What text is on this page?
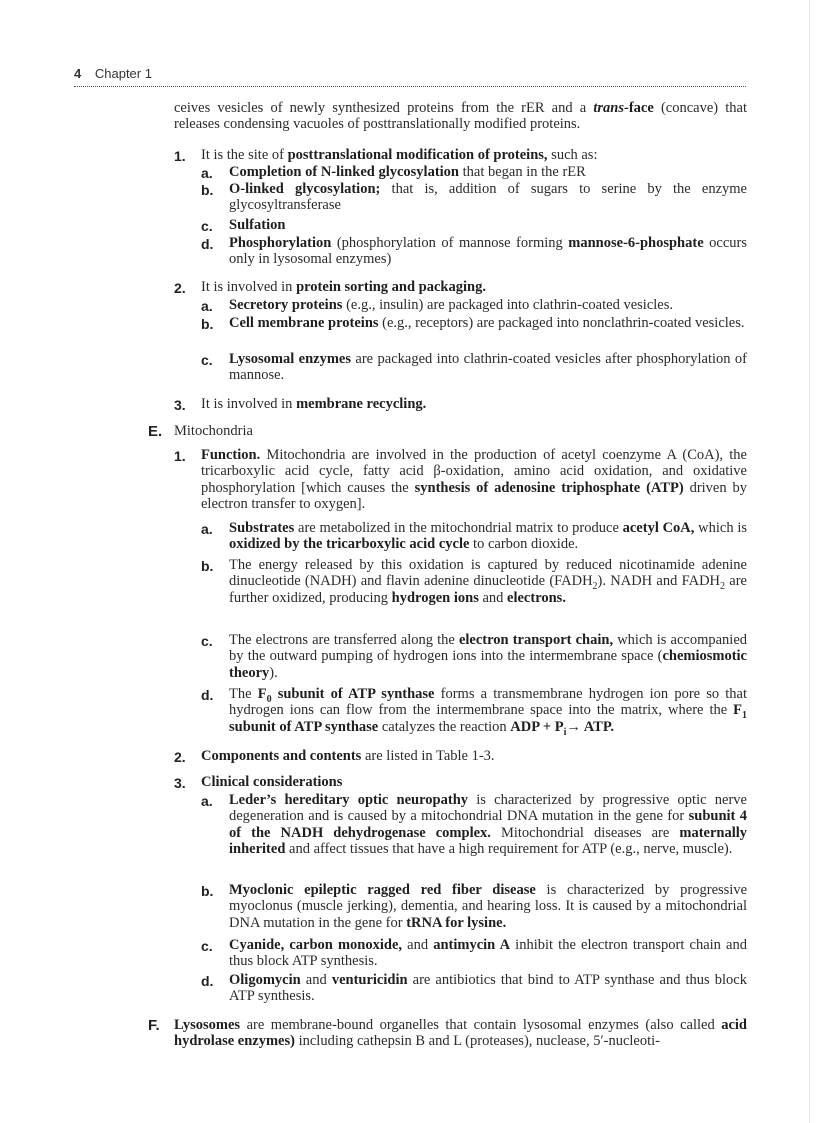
4 Chapter 1

ceives vesicles of newly synthesized proteins from the rER and a trans-face (concave) that releases condensing vacuoles of posttranslationally modified proteins.

1. It is the site of posttranslational modification of proteins, such as:

a. Completion of N-linked glycosylation that began in the rER

b. O-linked glycosylation; that is, addition of sugars to serine by the enzyme glycosyltransferase

c. Sulfation

d. Phosphorylation (phosphorylation of mannose forming mannose-6-phosphate occurs only in lysosomal enzymes)

2. It is involved in protein sorting and packaging.

a. Secretory proteins (e.g., insulin) are packaged into clathrin-coated vesicles.

b. Cell membrane proteins (e.g., receptors) are packaged into nonclathrin-coated vesicles.

c. Lysosomal enzymes are packaged into clathrin-coated vesicles after phosphorylation of mannose.

3. It is involved in membrane recycling.

E. Mitochondria

1. Function. Mitochondria are involved in the production of acetyl coenzyme A (CoA), the tricarboxylic acid cycle, fatty acid β-oxidation, amino acid oxidation, and oxidative phosphorylation [which causes the synthesis of adenosine triphosphate (ATP) driven by electron transfer to oxygen].

a. Substrates are metabolized in the mitochondrial matrix to produce acetyl CoA, which is oxidized by the tricarboxylic acid cycle to carbon dioxide.

b. The energy released by this oxidation is captured by reduced nicotinamide adenine dinucleotide (NADH) and flavin adenine dinucleotide $(FADH_2)$. NADH and $FADH_2$ are further oxidized, producing hydrogen ions and electrons.

c. The electrons are transferred along the electron transport chain, which is accompanied by the outward pumping of hydrogen ions into the intermembrane space (chemiosmotic theory).

d. The $F_0$ subunit of ATP synthase forms a transmembrane hydrogen ion pore so that hydrogen ions can flow from the intermembrane space into the matrix, where the $F_1$ subunit of ATP synthase catalyzes the reaction ADP + $P_i\to$ ATP.

2. Components and contents are listed in Table 1-3.

3. Clinical considerations

a. Leder’s hereditary optic neuropathy is characterized by progressive optic nerve degeneration and is caused by a mitochondrial DNA mutation in the gene for subunit 4 of the NADH dehydrogenase complex. Mitochondrial diseases are maternally inherited and affect tissues that have a high requirement for ATP (e.g., nerve, muscle).

b. Myoclonic epileptic ragged red fiber disease is characterized by progressive myoclonus (muscle jerking), dementia, and hearing loss. It is caused by a mitochondrial DNA mutation in the gene for tRNA for lysine.

c. Cyanide, carbon monoxide, and antimycin A inhibit the electron transport chain and thus block ATP synthesis.

d. Oligomycin and venturicidin are antibiotics that bind to ATP synthase and thus block ATP synthesis.

F. Lysosomes are membrane-bound organelles that contain lysosomal enzymes (also called acid hydrolase enzymes) including cathepsin B and L (proteases), nuclease, 5′-nucleoti-
